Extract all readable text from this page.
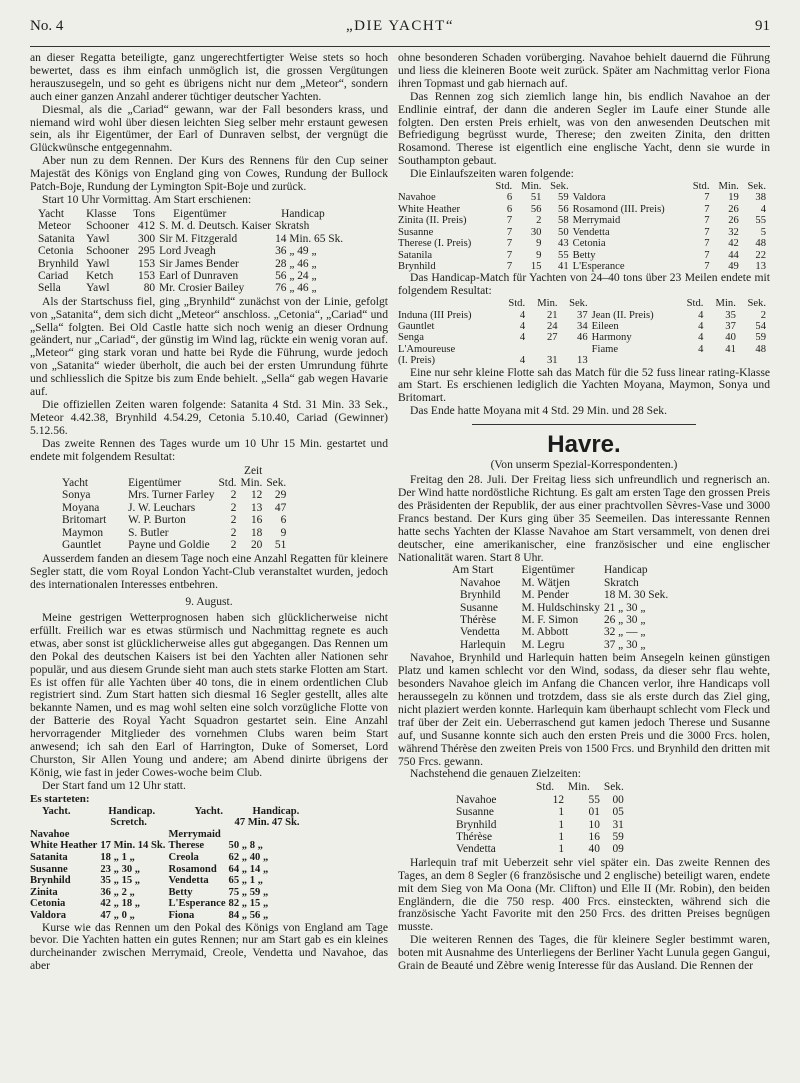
No. 4	„DIE YACHT“	91

an dieser Regatta beteiligte, ganz ungerechtfertigter Weise stets so hoch bewertet, dass es ihm einfach unmöglich ist, die grossen Vergütungen herauszusegeln, und so geht es übrigens nicht nur dem „Meteor“, sondern auch einer ganzen Anzahl anderer tüchtiger deutscher Yachten.

Diesmal, als die „Cariad“ gewann, war der Fall besonders krass, und niemand wird wohl über diesen leichten Sieg selber mehr erstaunt gewesen sein, als ihr Eigentümer, der Earl of Dunraven selbst, der vergnügt die Glückwünsche entgegennahm.

Aber nun zu dem Rennen. Der Kurs des Rennens für den Cup seiner Majestät des Königs von England ging von Cowes, Rundung der Bullock Patch-Boje, Rundung der Lymington Spit-Boje und zurück.

Start 10 Uhr Vormittag. Am Start erschienen:

Yacht	Klasse	Tons	Eigentümer	Handicap
Meteor	Schooner	412	S. M. d. Deutsch. Kaiser	Skratsh
Satanita	Yawl	300	Sir M. Fitzgerald	14 Min. 65 Sk.
Cetonia	Schooner	295	Lord Jveagh	36 „ 49 „
Brynhild	Yawl	153	Sir James Bender	28 „ 46 „
Cariad	Ketch	153	Earl of Dunraven	56 „ 24 „
Sella	Yawl	80	Mr. Crosier Bailey	76 „ 46 „

Als der Startschuss fiel, ging „Brynhild“ zunächst von der Linie, gefolgt von „Satanita“, dem sich dicht „Meteor“ anschloss. „Cetonia“, „Cariad“ und „Sella“ folgten. Bei Old Castle hatte sich noch wenig an dieser Ordnung geändert, nur „Cariad“, der günstig im Wind lag, rückte ein wenig voran auf. „Meteor“ ging stark voran und hatte bei Ryde die Führung, wurde jedoch von „Satanita“ wieder überholt, die auch bei der ersten Umrundung führte und schliesslich die Spitze bis zum Ende behielt. „Sella“ gab wegen Havarie auf.

Die offiziellen Zeiten waren folgende: Satanita 4 Std. 31 Min. 33 Sek., Meteor 4.42.38, Brynhild 4.54.29, Cetonia 5.10.40, Cariad (Gewinner) 5.12.56.

Das zweite Rennen des Tages wurde um 10 Uhr 15 Min. gestartet und endete mit folgendem Resultat:

			Zeit	
Yacht	Eigentümer	Std.	Min.	Sek.
Sonya	Mrs. Turner Farley	2	12	29
Moyana	J. W. Leuchars	2	13	47
Britomart	W. P. Burton	2	16	6
Maymon	S. Butler	2	18	9
Gauntlet	Payne und Goldie	2	20	51

Ausserdem fanden an diesem Tage noch eine Anzahl Regatten für kleinere Segler statt, die vom Royal London Yacht-Club veranstaltet wurden, jedoch des internationalen Interesses entbehren.

9. August.

Meine gestrigen Wetterprognosen haben sich glücklicherweise nicht erfüllt. Freilich war es etwas stürmisch und Nachmittag regnete es auch etwas, aber sonst ist glücklicherweise alles gut abgegangen. Das Rennen um den Pokal des deutschen Kaisers ist bei den Yachten aller Nationen sehr populär, und aus diesem Grunde sieht man auch stets starke Flotten am Start. Es ist offen für alle Yachten über 40 tons, die in einem ordentlichen Club registriert sind. Zum Start hatten sich diesmal 16 Segler gestellt, alles alte bekannte Namen, und es mag wohl selten eine solch vorzügliche Flotte von der Batterie des Royal Yacht Squadron gestartet sein. Eine Anzahl hervorragender Mitglieder des vornehmen Clubs waren beim Start anwesend; ich sah den Earl of Harrington, Duke of Somerset, Lord Churston, Sir Allen Young und andere; am Abend dinirte übrigens der König, wie fast in jeder Cowes-woche beim Club.

Der Start fand um 12 Uhr statt.

Es starteten:

Yacht.	Handicap.	Yacht.	Handicap.
	Scretch.		47 Min. 47 Sk.
Navahoe		Merrymaid	
White Heather	17 Min. 14 Sk.	Therese	50 „ 8 „
Satanita	18 „ 1 „	Creola	62 „ 40 „
Susanne	23 „ 30 „	Rosamond	64 „ 14 „
Brynhild	35 „ 15 „	Vendetta	65 „ 1 „
Zinita	36 „ 2 „	Betty	75 „ 59 „
Cetonia	42 „ 18 „	L'Esperance	82 „ 15 „
Valdora	47 „ 0 „	Fiona	84 „ 56 „

Kurse wie das Rennen um den Pokal des Königs von England am Tage bevor. Die Yachten hatten ein gutes Rennen; nur am Start gab es ein kleines durcheinander zwischen Merrymaid, Creole, Vendetta und Navahoe, das aber

ohne besonderen Schaden vorüberging. Navahoe behielt dauernd die Führung und liess die kleineren Boote weit zurück. Später am Nachmittag verlor Fiona ihren Topmast und gab hiernach auf.

Das Rennen zog sich ziemlich lange hin, bis endlich Navahoe an der Endlinie eintraf, der dann die anderen Segler im Laufe einer Stunde alle folgten. Den ersten Preis erhielt, was von den anwesenden Deutschen mit Befriedigung begrüsst wurde, Therese; den zweiten Zinita, den dritten Rosamond. Therese ist eigentlich eine englische Yacht, denn sie wurde in Southampton gebaut.

Die Einlaufszeiten waren folgende:

	Std.	Min.	Sek.		Std.	Min.	Sek.
Navahoe	6	51	59	Valdora	7	19	38
White Heather	6	56	56	Rosamond (III. Preis)	7	26	4
Zinita (II. Preis)	7	2	58	Merrymaid	7	26	55
Susanne	7	30	50	Vendetta	7	32	5
Therese (I. Preis)	7	9	43	Cetonia	7	42	48
Satanila	7	9	55	Betty	7	44	22
Brynhild	7	15	41	L'Esperance	7	49	13

Das Handicap-Match für Yachten von 24–40 tons über 23 Meilen endete mit folgendem Resultat:

	Std.	Min.	Sek.		Std.	Min.	Sek.
Induna (III Preis)	4	21	37	Jean (II. Preis)	4	35	2
Gauntlet	4	24	34	Eileen	4	37	54
Senga	4	27	46	Harmony	4	40	59
L'Amoureuse				Fiame	4	41	48
(I. Preis)	4	31	13				

Eine nur sehr kleine Flotte sah das Match für die 52 fuss linear rating-Klasse am Start. Es erschienen lediglich die Yachten Moyana, Maymon, Sonya und Britomart.

Das Ende hatte Moyana mit 4 Std. 29 Min. und 28 Sek.

Havre.

(Von unserm Spezial-Korrespondenten.)

Freitag den 28. Juli. Der Freitag liess sich unfreundlich und regnerisch an. Der Wind hatte nordöstliche Richtung. Es galt am ersten Tage den grossen Preis des Präsidenten der Republik, der aus einer prachtvollen Sèvres-Vase und 3000 Francs bestand. Der Kurs ging über 35 Seemeilen. Das interessante Rennen hatte sechs Yachten der Klasse Navahoe am Start versammelt, von denen drei deutscher, eine amerikanischer, eine französischer und eine englischer Nationalität waren. Start 8 Uhr.

Am Start	Eigentümer	Handicap
Navahoe	M. Wätjen	Skratch
Brynhild	M. Pender	18 M. 30 Sek.
Susanne	M. Huldschinsky	21 „ 30 „
Thérèse	M. F. Simon	26 „ 30 „
Vendetta	M. Abbott	32 „ — „
Harlequin	M. Legru	37 „ 30 „

Navahoe, Brynhild und Harlequin hatten beim Ansegeln keinen günstigen Platz und kamen schlecht vor den Wind, sodass, da dieser sehr flau wehte, besonders Navahoe gleich im Anfang die Chancen verlor, ihre Handicaps voll heraussegeln zu können und trotzdem, dass sie als erste durch das Ziel ging, nicht plaziert werden konnte. Harlequin kam überhaupt schlecht vom Fleck und traf über der Zeit ein. Ueberraschend gut kamen jedoch Therese und Susanne auf, und Susanne konnte sich auch den ersten Preis und die 3000 Frcs. holen, während Thérèse den zweiten Preis von 1500 Frcs. und Brynhild den dritten mit 750 Frcs. gewann.

Nachstehend die genauen Zielzeiten:

	Std.	Min.	Sek.
Navahoe	12	55	00
Susanne	1	01	05
Brynhild	1	10	31
Thérèse	1	16	59
Vendetta	1	40	09

Harlequin traf mit Ueberzeit sehr viel später ein. Das zweite Rennen des Tages, an dem 8 Segler (6 französische und 2 englische) beteiligt waren, endete mit dem Sieg von Ma Oona (Mr. Clifton) und Elle II (Mr. Robin), den beiden Engländern, die die 750 resp. 400 Frcs. einsteckten, während sich die französische Yacht Favorite mit den 250 Frcs. des dritten Preises begnügen musste.

Die weiteren Rennen des Tages, die für kleinere Segler bestimmt waren, boten mit Ausnahme des Unterliegens der Berliner Yacht Lunula gegen Gangui, Grain de Beauté und Zèbre wenig Interesse für das Ausland. Die Rennen der
